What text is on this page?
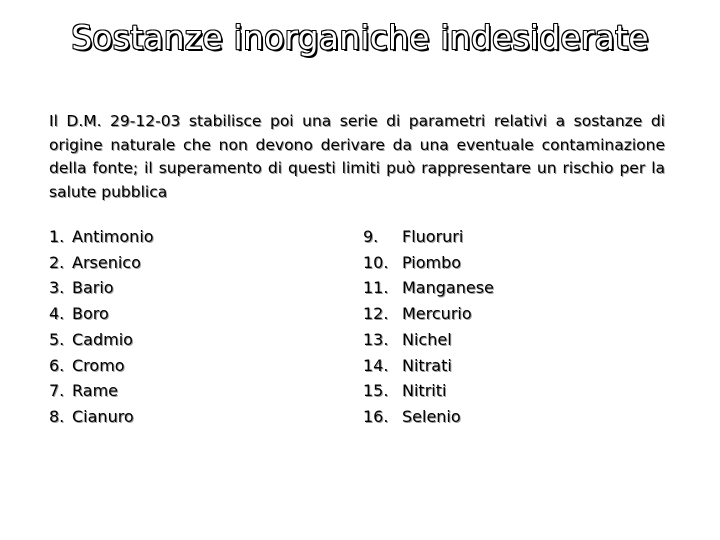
Sostanze inorganiche indesiderate

Il D.M. 29-12-03 stabilisce poi una serie di parametri relativi a sostanze di origine naturale che non devono derivare da una eventuale contaminazione della fonte; il superamento di questi limiti può rappresentare un rischio per la salute pubblica

1. Antimonio
2. Arsenico
3. Bario
4. Boro
5. Cadmio
6. Cromo
7. Rame
8. Cianuro
9.	Fluoruri
10. Piombo
11. Manganese
12. Mercurio
13. Nichel
14. Nitrati
15. Nitriti
16. Selenio
